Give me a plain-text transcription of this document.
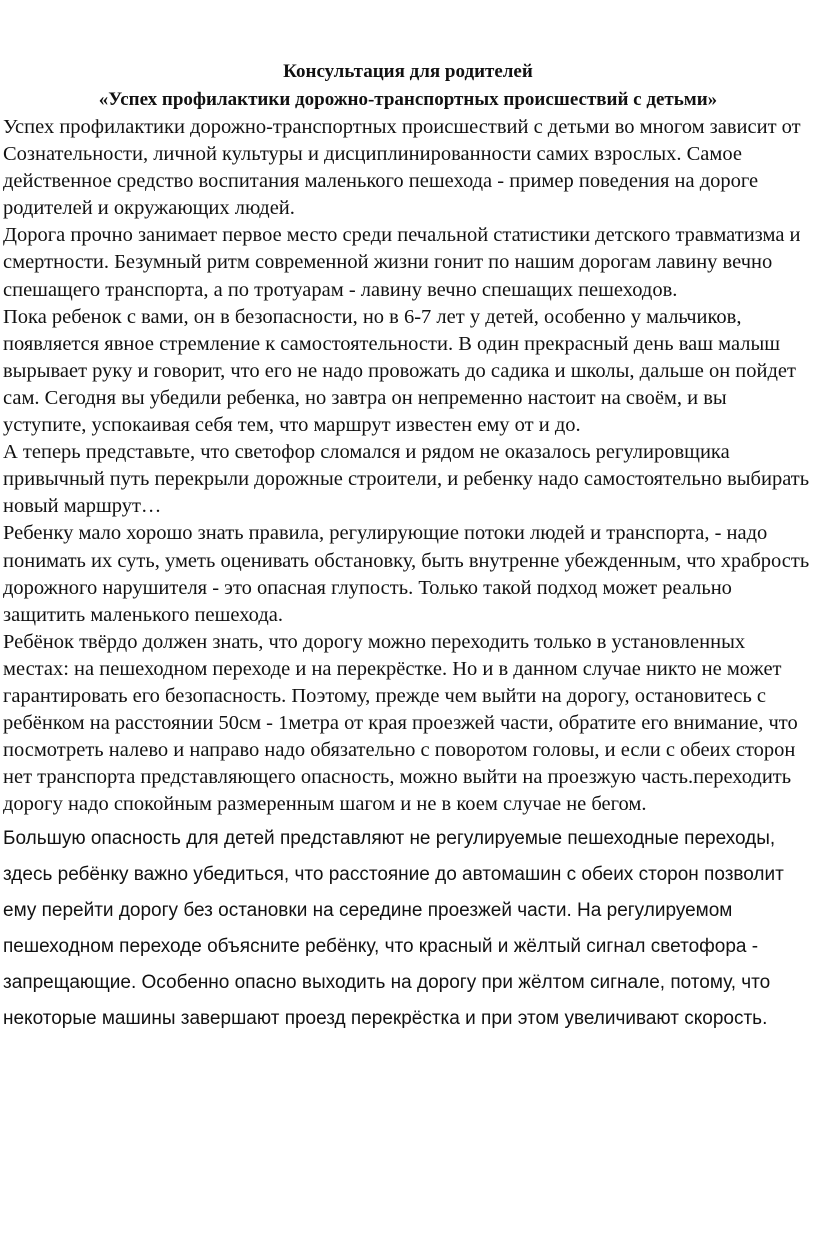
Консультация для родителей
«Успех профилактики дорожно-транспортных происшествий с детьми»

Успех профилактики дорожно-транспортных происшествий с детьми во многом зависит от Сознательности, личной культуры и дисциплинированности самих взрослых. Самое действенное средство воспитания маленького пешехода - пример поведения на дороге родителей и окружающих людей.

Дорога прочно занимает первое место среди печальной статистики детского травматизма и смертности. Безумный ритм современной жизни гонит по нашим дорогам лавину вечно спешащего транспорта, а по тротуарам - лавину вечно спешащих пешеходов.

Пока ребенок с вами, он в безопасности, но в 6-7 лет у детей, особенно у мальчиков, появляется явное стремление к самостоятельности. В один прекрасный день ваш малыш вырывает руку и говорит, что его не надо провожать до садика и школы, дальше он пойдет сам. Сегодня вы убедили ребенка, но завтра он непременно настоит на своём, и вы уступите, успокаивая себя тем, что маршрут известен ему от и до.

А теперь представьте, что светофор сломался и рядом не оказалось регулировщика привычный путь перекрыли дорожные строители, и ребенку надо самостоятельно выбирать новый маршрут…

Ребенку мало хорошо знать правила, регулирующие потоки людей и транспорта, - надо понимать их суть, уметь оценивать обстановку, быть внутренне убежденным, что храбрость дорожного нарушителя - это опасная глупость. Только такой подход может реально защитить маленького пешехода.

Ребёнок твёрдо должен знать, что дорогу можно переходить только в установленных местах: на пешеходном переходе и на перекрёстке. Но и в данном случае никто не может гарантировать его безопасность. Поэтому, прежде чем выйти на дорогу, остановитесь с ребёнком на расстоянии 50см - 1метра от края проезжей части, обратите его внимание, что посмотреть налево и направо надо обязательно с поворотом головы, и если с обеих сторон нет транспорта представляющего опасность, можно выйти на проезжую часть.переходить дорогу надо спокойным размеренным шагом и не в коем случае не бегом.

Большую опасность для детей представляют не регулируемые пешеходные переходы, здесь ребёнку важно убедиться, что расстояние до автомашин с обеих сторон позволит ему перейти дорогу без остановки на середине проезжей части. На регулируемом пешеходном переходе объясните ребёнку, что красный и жёлтый сигнал светофора - запрещающие. Особенно опасно выходить на дорогу при жёлтом сигнале, потому, что некоторые машины завершают проезд перекрёстка и при этом увеличивают скорость.
